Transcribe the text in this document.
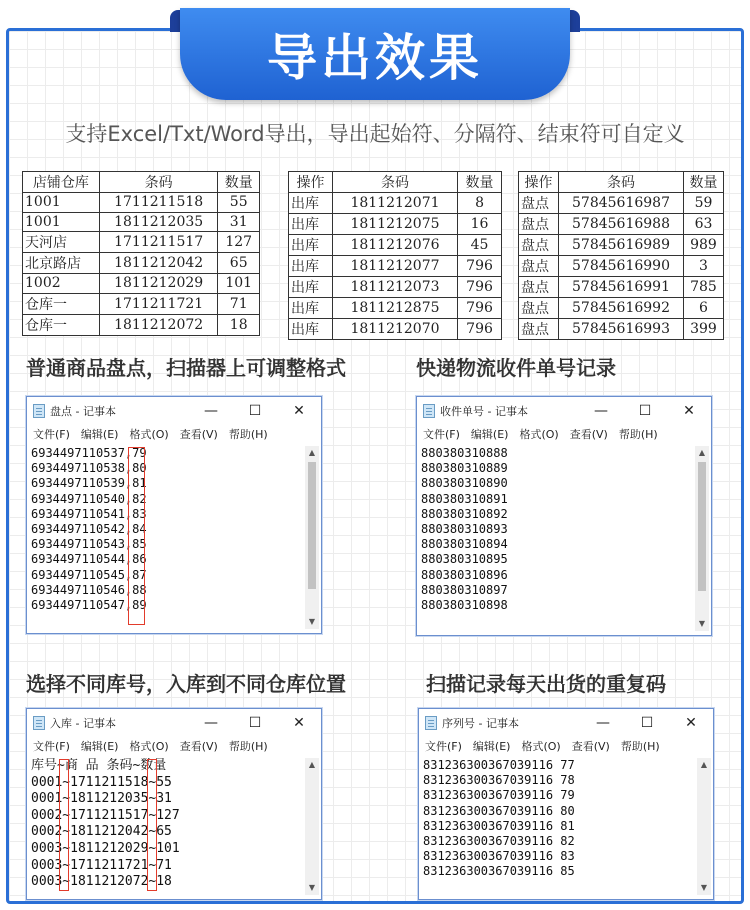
导出效果
支持Excel/Txt/Word导出，导出起始符、分隔符、结束符可自定义
店铺仓库	条码	数量
1001	1711211518	55
1001	1811212035	31
天河店	1711211517	127
北京路店	1811212042	65
1002	1811212029	101
仓库一	1711211721	71
仓库一	1811212072	18
操作	条码	数量
出库	1811212071	8
出库	1811212075	16
出库	1811212076	45
出库	1811212077	796
出库	1811212073	796
出库	1811212875	796
出库	1811212070	796
操作	条码	数量
盘点	57845616987	59
盘点	57845616988	63
盘点	57845616989	989
盘点	57845616990	3
盘点	57845616991	785
盘点	57845616992	6
盘点	57845616993	399
普通商品盘点，扫描器上可调整格式	快递物流收件单号记录
选择不同库号，入库到不同仓库位置	扫描记录每天出货的重复码
盘点 - 记事本	—	☐	✕
文件(F) 编辑(E) 格式(O) 查看(V) 帮助(H)
6934497110537,79
6934497110538,80
6934497110539,81
6934497110540,82
6934497110541,83
6934497110542,84
6934497110543,85
6934497110544,86
6934497110545,87
6934497110546,88
6934497110547,89
▲
▼
收件单号 - 记事本	—	☐	✕
文件(F) 编辑(E) 格式(O) 查看(V) 帮助(H)
880380310888
880380310889
880380310890
880380310891
880380310892
880380310893
880380310894
880380310895
880380310896
880380310897
880380310898
▲
▼
入库 - 记事本	—	☐	✕
文件(F) 编辑(E) 格式(O) 查看(V) 帮助(H)
库号~商 品 条码~数量
0001~1711211518~55
0001~1811212035~31
0002~1711211517~127
0002~1811212042~65
0003~1811212029~101
0003~1711211721~71
0003~1811212072~18
▲
▼
序列号 - 记事本	—	☐	✕
文件(F) 编辑(E) 格式(O) 查看(V) 帮助(H)
831236300367039116 77
831236300367039116 78
831236300367039116 79
831236300367039116 80
831236300367039116 81
831236300367039116 82
831236300367039116 83
831236300367039116 85
▲
▼
